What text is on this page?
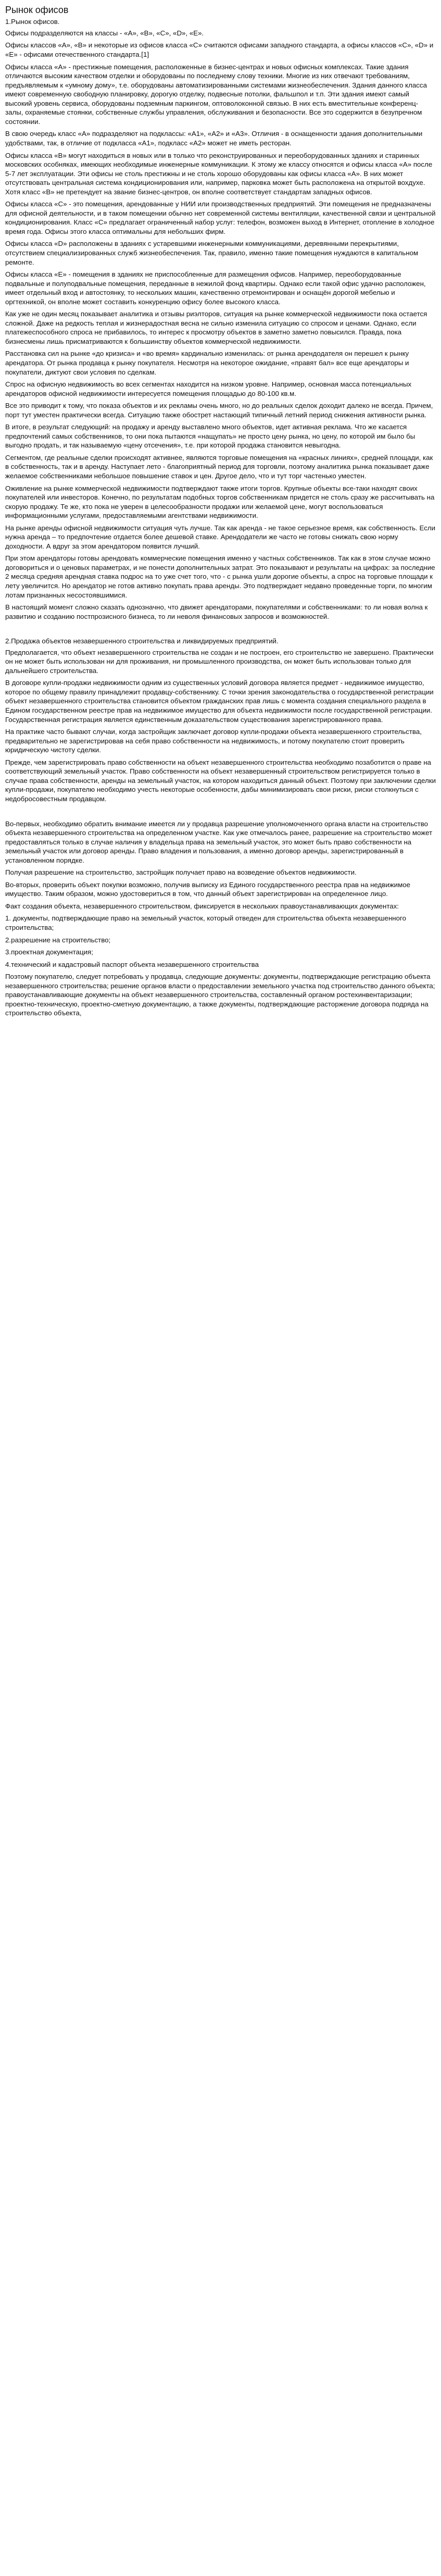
Рынок офисов

1.Рынок офисов.

Офисы подразделяются на классы - «А», «B», «C», «D», «E».

Офисы классов «А», «В» и некоторые из офисов класса «С» считаются офисами западного стандарта, а офисы классов «С», «D» и «E» - офисами отечественного стандарта.[1]

Офисы класса «А» - престижные помещения, расположенные в бизнес-центрах и новых офисных комплексах. Такие здания отличаются высоким качеством отделки и оборудованы по последнему слову техники. Многие из них отвечают требованиям, предъявляемым к «умному дому», т.е. оборудованы автоматизированными системами жизнеобеспечения. Здания данного класса имеют современную свободную планировку, дорогую отделку, подвесные потолки, фальшпол и т.п. Эти здания имеют самый высокий уровень сервиса, оборудованы подземным паркингом, оптоволоконной связью. В них есть вместительные конференц-залы, охраняемые стоянки, собственные службы управления, обслуживания и безопасности. Все это содержится в безупречном состоянии.

В свою очередь класс «А» подразделяют на подклассы: «А1», «А2» и «А3». Отличия - в оснащенности здания дополнительными удобствами, так, в отличие от подкласса «А1», подкласс «А2» может не иметь ресторан.

Офисы класса «В» могут находиться в новых или в только что реконструированных и переоборудованных зданиях и старинных московских особняках, имеющих необходимые инженерные коммуникации. К этому же классу относятся и офисы класса «А» после 5-7 лет эксплуатации. Эти офисы не столь престижны и не столь хорошо оборудованы как офисы класса «А». В них может отсутствовать центральная система кондиционирования или, например, парковка может быть расположена на открытой вохдухе. Хотя класс «В» не претендует на звание бизнес-центров, он вполне соответствует стандартам западных офисов.

Офисы класса «С» - это помещения, арендованные у НИИ или производственных предприятий. Эти помещения не предназначены для офисной деятельности, и в таком помещении обычно нет современной системы вентиляции, качественной связи и центральной кондиционирования. Класс «С» предлагает ограниченный набор услуг: телефон, возможен выход в Интернет, отопление в холодное время года. Офисы этого класса оптимальны для небольших фирм.

Офисы класса «D» расположены в зданиях с устаревшими инженерными коммуникациями, деревянными перекрытиями, отсутствием специализированных служб жизнеобеспечения. Так, правило, именно такие помещения нуждаются в капитальном ремонте.

Офисы класса «Е» - помещения в зданиях не приспособленные для размещения офисов. Например, переоборудованные подвальные и полуподвальные помещения, переданные в нежилой фонд квартиры. Однако если такой офис удачно расположен, имеет отдельный вход и автостоянку, то нескольких машин, качественно отремонтирован и оснащён дорогой мебелью и оргтехникой, он вполне может составить конкуренцию офису более высокого класса.

Как уже не один месяц показывает аналитика и отзывы риэлторов, ситуация на рынке коммерческой недвижимости пока остается сложной. Даже на редкость теплая и жизнерадостная весна не сильно изменила ситуацию со спросом и ценами. Однако, если платежеспособного спроса не прибавилось, то интерес к просмотру объектов в заметно заметно повысился. Правда, пока бизнесмены лишь присматриваются к большинству объектов коммерческой недвижимости.

Расстановка сил на рынке «до кризиса» и «во время» кардинально изменилась: от рынка арендодателя он перешел к рынку арендатора. От рынка продавца к рынку покупателя. Несмотря на некоторое ожидание, «правят бал» все еще арендаторы и покупатели, диктуют свои условия по сделкам.

Спрос на офисную недвижимость во всех сегментах находится на низком уровне. Например, основная масса потенциальных арендаторов офисной недвижимости интересуется помещения площадью до 80-100 кв.м.

Все это приводит к тому, что показа объектов и их рекламы очень много, но до реальных сделок доходит далеко не всегда. Причем, порт тут уместен практически всегда. Ситуацию также обострет настающий типичный летний период снижения активности рынка.

В итоге, в результат следующий: на продажу и аренду выставлено много объектов, идет активная реклама. Что же касается предпочтений самых собственников, то они пока пытаются «нащупать» не просто цену рынка, но цену, по которой им было бы выгодно продать, и так называемую «цену отсечения», т.е. при которой продажа становится невыгодна.

Сегментом, где реальные сделки происходят активнее, являются торговые помещения на «красных линиях», средней площади, как в собственность, так и в аренду. Наступает лето - благоприятный период для торговли, поэтому аналитика рынка показывает даже желаемое собственниками небольшое повышение ставок и цен. Другое дело, что и тут торг частенько уместен.

Оживление на рынке коммерческой недвижимости подтверждают также итоги торгов. Крупные объекты все-таки находят своих покупателей или инвесторов. Конечно, по результатам подобных торгов собственникам придется не столь сразу же рассчитывать на скорую продажу. Те же, кто пока не уверен в целесообразности продажи или желаемой цене, могут воспользоваться информационными услугами, предоставляемыми агентствами недвижимости.

На рынке аренды офисной недвижимости ситуация чуть лучше. Так как аренда - не такое серьезное время, как собственность. Если нужна аренда – то предпочтение отдается более дешевой ставке. Арендодатели же часто не готовы снижать свою норму доходности. А вдруг за этом арендатором появится лучший.

При этом арендаторы готовы арендовать коммерческие помещения именно у частных собственников. Так как в этом случае можно договориться и о ценовых параметрах, и не понести дополнительных затрат. Это показывают и результаты на цифрах: за последние 2 месяца средняя арендная ставка подрос на то уже счет того, что - с рынка ушли дорогие объекты, а спрос на торговые площади к лету увеличится. Но арендатор не готов активно покупать права аренды. Это подтверждает недавно проведенные торги, по многим лотам признанных несостоявшимися.

В настоящий момент сложно сказать однозначно, что движет арендаторами, покупателями и собственниками: то ли новая волна к развитию и созданию постпрозисного бизнеса, то ли неволя финансовых запросов и возможностей.

2.Продажа объектов незавершенного строительства и ликвидируемых предприятий.

Предполагается, что объект незавершенного строительства не создан и не построен, его строительство не завершено. Практически он не может быть использован ни для проживания, ни промышленного производства, он может быть использован только для дальнейшего строительства.

В договоре купли-продажи недвижимости одним из существенных условий договора является предмет - недвижимое имущество, которое по общему правилу принадлежит продавцу-собственнику. С точки зрения законодательства о государственной регистрации объект незавершенного строительства становится объектом гражданских прав лишь с момента создания специального раздела в Едином государственном реестре прав на недвижимое имущество для объекта недвижимости после государственной регистрации. Государственная регистрация является единственным доказательством существования зарегистрированного права.

На практике часто бывают случаи, когда застройщик заключает договор купли-продажи объекта незавершенного строительства, предварительно не зарегистрировав на себя право собственности на недвижимость, и потому покупателю стоит проверить юридическую чистоту сделки.

Прежде, чем зарегистрировать право собственности на объект незавершенного строительства необходимо позаботится о праве на соответствующий земельный участок. Право собственности на объект незавершенный строительством регистрируется только в случае права собственности, аренды на земельный участок, на котором находиться данный объект. Поэтому при заключении сделки купли-продажи, покупателю необходимо учесть некоторые особенности, дабы минимизировать свои риски, риски столкнуться с недобросовестным продавцом.

Во-первых, необходимо обратить внимание имеется ли у продавца разрешение уполномоченного органа власти на строительство объекта незавершенного строительства на определенном участке. Как уже отмечалось ранее, разрешение на строительство может предоставляться только в случае наличия у владельца права на земельный участок, это может быть право собственности на земельный участок или договор аренды. Право владения и пользования, а именно договор аренды, зарегистрированный в установленном порядке.

Получая разрешение на строительство, застройщик получает право на возведение объектов недвижимости.

Во-вторых, проверить объект покупки возможно, получив выписку из Единого государственного реестра прав на недвижимое имущество. Таким образом, можно удостовериться в том, что данный объект зарегистрирован на определенное лицо.

Факт создания объекта, незавершенного строительством, фиксируется в нескольких правоустанавливающих документах:

1. документы, подтверждающие право на земельный участок, который отведен для строительства объекта незавершенного строительства;

2.разрешение на строительство;

3.проектная документация;

4.технический и кадастровый паспорт объекта незавершенного строительства

Поэтому покупателю, следует потребовать у продавца, следующие документы: документы, подтверждающие регистрацию объекта незавершенного строительства; решение органов власти о предоставлении земельного участка под строительство данного объекта; правоустанавливающие документы на объект незавершенного строительства, составленный органом ростехинвентаризации; проектно-техническую, проектно-сметную документацию, а также документы, подтверждающие расторжение договора подряда на строительство объекта,
